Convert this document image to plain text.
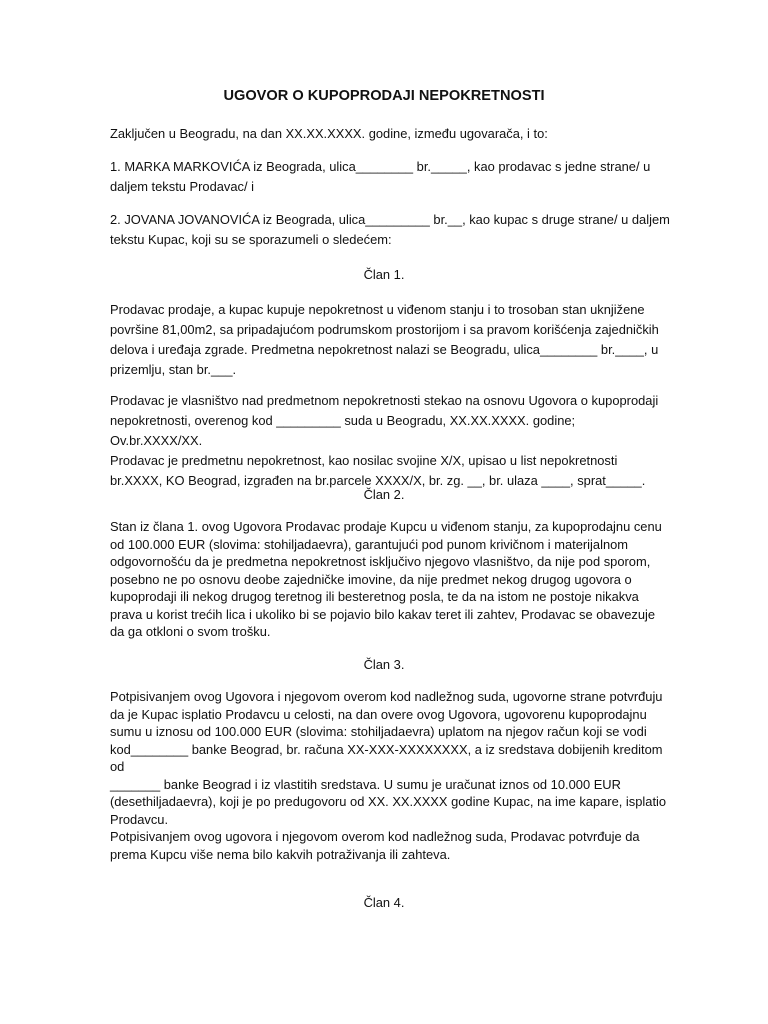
UGOVOR O KUPOPRODAJI NEPOKRETNOSTI
Zaključen u Beogradu, na dan XX.XX.XXXX. godine, između ugovarača, i to:
1. MARKA MARKOVIĆA iz Beograda, ulica________ br._____, kao prodavac s jedne strane/ u
daljem tekstu Prodavac/ i
2. JOVANA JOVANOVIĆA iz Beograda, ulica_________ br.__, kao kupac s druge strane/ u daljem
tekstu Kupac, koji su se sporazumeli o sledećem:
Član 1.
Prodavac prodaje, a kupac kupuje nepokretnost u viđenom stanju i to trosoban stan uknjižene
površine 81,00m2, sa pripadajućom podrumskom prostorijom i sa pravom korišćenja zajedničkih
delova i uređaja zgrade. Predmetna nepokretnost nalazi se Beogradu, ulica________ br.____, u
prizemlju, stan br.___.
Prodavac je vlasništvo nad predmetnom nepokretnosti stekao na osnovu Ugovora o kupoprodaji
nepokretnosti, overenog kod _________ suda u Beogradu, XX.XX.XXXX. godine; Ov.br.XXXX/XX.
Prodavac je predmetnu nepokretnost, kao nosilac svojine X/X, upisao u list nepokretnosti
br.XXXX, KO Beograd, izgrađen na br.parcele XXXX/X, br. zg. __, br. ulaza ____, sprat_____.
Član 2.
Stan iz člana 1. ovog Ugovora Prodavac prodaje Kupcu u viđenom stanju, za kupoprodajnu cenu
od 100.000 EUR (slovima: stohiljadaevra), garantujući pod punom krivičnom i materijalnom
odgovornošću da je predmetna nepokretnost isključivo njegovo vlasništvo, da nije pod sporom,
posebno ne po osnovu deobe zajedničke imovine, da nije predmet nekog drugog ugovora o
kupoprodaji ili nekog drugog teretnog ili besteretnog posla, te da na istom ne postoje nikakva
prava u korist trećih lica i ukoliko bi se pojavio bilo kakav teret ili zahtev, Prodavac se obavezuje
da ga otkloni o svom trošku.
Član 3.
Potpisivanjem ovog Ugovora i njegovom overom kod nadležnog suda, ugovorne strane potvrđuju
da je Kupac isplatio Prodavcu u celosti, na dan overe ovog Ugovora, ugovorenu kupoprodajnu
sumu u iznosu od 100.000 EUR (slovima: stohiljadaevra) uplatom na njegov račun koji se vodi
kod________ banke Beograd, br. računa XX-XXX-XXXXXXXX, a iz sredstava dobijenih kreditom od
_______ banke Beograd i iz vlastitih sredstava. U sumu je uračunat iznos od 10.000 EUR
(desethiljadaevra), koji je po predugovoru od XX. XX.XXXX godine Kupac, na ime kapare, isplatio
Prodavcu.
Potpisivanjem ovog ugovora i njegovom overom kod nadležnog suda, Prodavac potvrđuje da
prema Kupcu više nema bilo kakvih potraživanja ili zahteva.
Član 4.
